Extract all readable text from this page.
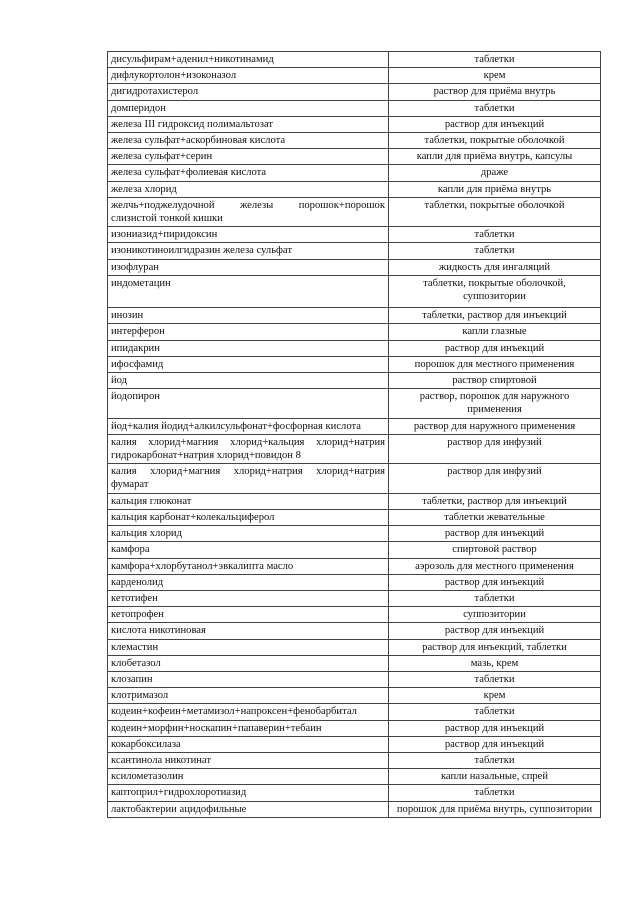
дисульфирам+аденил+никотинамид	таблетки
дифлукортолон+изоконазол	крем
дигидротахистерол	раствор для приёма внутрь
домперидон	таблетки
железа III гидроксид полимальтозат	раствор для инъекций
железа сульфат+аскорбиновая кислота	таблетки, покрытые оболочкой
железа сульфат+серин	капли для приёма внутрь, капсулы
железа сульфат+фолиевая кислота	драже
железа хлорид	капли для приёма внутрь
желчь+поджелудочной железы порошок+порошок слизистой тонкой кишки	таблетки, покрытые оболочкой
изониазид+пиридоксин	таблетки
изоникотиноилгидразин железа сульфат	таблетки
изофлуран	жидкость для ингаляций
индометацин	таблетки, покрытые оболочкой, суппозитории
инозин	таблетки, раствор для инъекций
интерферон	капли глазные
ипидакрин	раствор для инъекций
ифосфамид	порошок для местного применения
йод	раствор спиртовой
йодопирон	раствор, порошок для наружного применения
йод+калия йодид+алкилсульфонат+фосфорная кислота	раствор для наружного применения
калия хлорид+магния хлорид+кальция хлорид+натрия гидрокарбонат+натрия хлорид+повидон 8	раствор для инфузий
калия хлорид+магния хлорид+натрия хлорид+натрия фумарат	раствор для инфузий
кальция глюконат	таблетки, раствор для инъекций
кальция карбонат+колекальциферол	таблетки жевательные
кальция хлорид	раствор для инъекций
камфора	спиртовой раствор
камфора+хлорбутанол+эвкалипта масло	аэрозоль для местного применения
карденолид	раствор для инъекций
кетотифен	таблетки
кетопрофен	суппозитории
кислота никотиновая	раствор для инъекций
клемастин	раствор для инъекций, таблетки
клобетазол	мазь, крем
клозапин	таблетки
клотримазол	крем
кодеин+кофеин+метамизол+напроксен+фенобарбитал	таблетки
кодеин+морфин+носкапин+папаверин+тебаин	раствор для инъекций
кокарбоксилаза	раствор для инъекций
ксантинола никотинат	таблетки
ксилометазолин	капли назальные, спрей
каптоприл+гидрохлоротиазид	таблетки
лактобактерии ацидофильные	порошок для приёма внутрь, суппозитории
